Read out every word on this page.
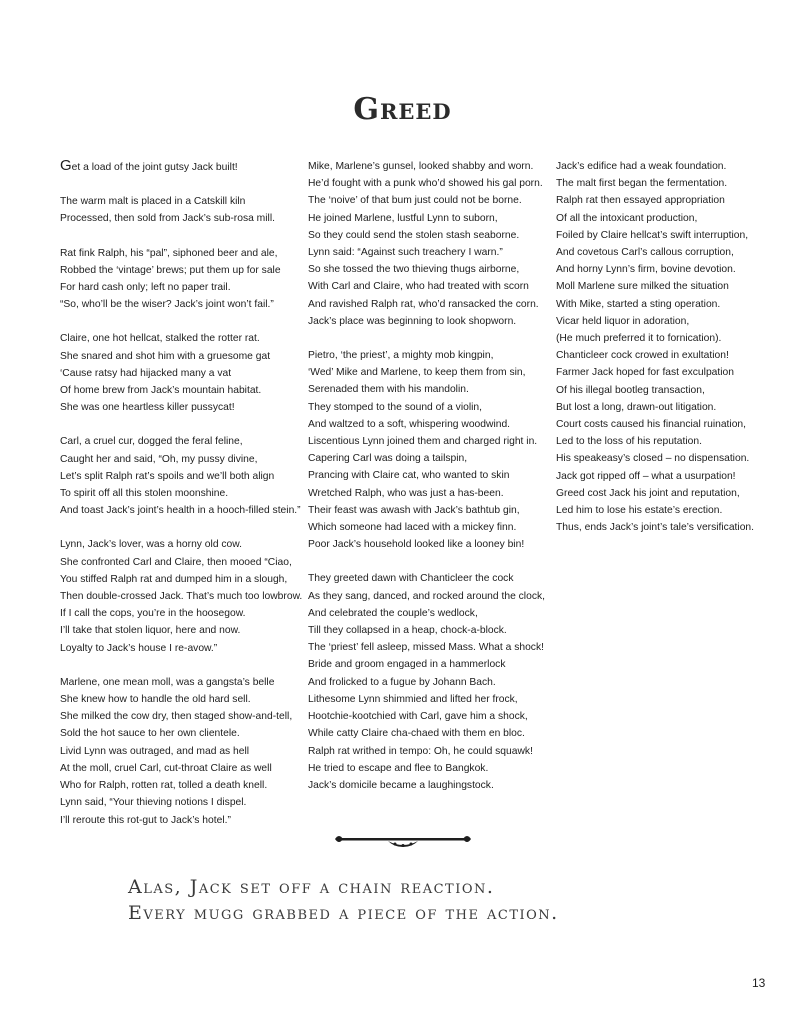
Greed
Get a load of the joint gutsy Jack built!
The warm malt is placed in a Catskill kiln
Processed, then sold from Jack’s sub-rosa mill.
Rat fink Ralph, his “pal”, siphoned beer and ale,
Robbed the ‘vintage’ brews; put them up for sale
For hard cash only; left no paper trail.
“So, who’ll be the wiser? Jack’s joint won’t fail.”
Claire, one hot hellcat, stalked the rotter rat.
She snared and shot him with a gruesome gat
‘Cause ratsy had hijacked many a vat
Of home brew from Jack’s mountain habitat.
She was one heartless killer pussycat!
Carl, a cruel cur, dogged the feral feline,
Caught her and said, “Oh, my pussy divine,
Let’s split Ralph rat’s spoils and we’ll both align
To spirit off all this stolen moonshine.
And toast Jack’s joint’s health in a hooch-filled stein.”
Lynn, Jack’s lover, was a horny old cow.
She confronted Carl and Claire, then mooed “Ciao,
You stiffed Ralph rat and dumped him in a slough,
Then double-crossed Jack. That’s much too lowbrow.
If I call the cops, you’re in the hoosegow.
I’ll take that stolen liquor, here and now.
Loyalty to Jack’s house I re-avow.”
Marlene, one mean moll, was a gangsta’s belle
She knew how to handle the old hard sell.
She milked the cow dry, then staged show-and-tell,
Sold the hot sauce to her own clientele.
Livid Lynn was outraged, and mad as hell
At the moll, cruel Carl, cut-throat Claire as well
Who for Ralph, rotten rat, tolled a death knell.
Lynn said, “Your thieving notions I dispel.
I’ll reroute this rot-gut to Jack’s hotel.”
Mike, Marlene’s gunsel, looked shabby and worn.
He’d fought with a punk who’d showed his gal porn.
The ‘noive’ of that bum just could not be borne.
He joined Marlene, lustful Lynn to suborn,
So they could send the stolen stash seaborne.
Lynn said: “Against such treachery I warn.”
So she tossed the two thieving thugs airborne,
With Carl and Claire, who had treated with scorn
And ravished Ralph rat, who’d ransacked the corn.
Jack’s place was beginning to look shopworn.
Pietro, ‘the priest’, a mighty mob kingpin,
‘Wed’ Mike and Marlene, to keep them from sin,
Serenaded them with his mandolin.
They stomped to the sound of a violin,
And waltzed to a soft, whispering woodwind.
Liscentious Lynn joined them and charged right in.
Capering Carl was doing a tailspin,
Prancing with Claire cat, who wanted to skin
Wretched Ralph, who was just a has-been.
Their feast was awash with Jack’s bathtub gin,
Which someone had laced with a mickey finn.
Poor Jack’s household looked like a looney bin!
They greeted dawn with Chanticleer the cock
As they sang, danced, and rocked around the clock,
And celebrated the couple’s wedlock,
Till they collapsed in a heap, chock-a-block.
The ‘priest’ fell asleep, missed Mass. What a shock!
Bride and groom engaged in a hammerlock
And frolicked to a fugue by Johann Bach.
Lithesome Lynn shimmied and lifted her frock,
Hootchie-kootchied with Carl, gave him a shock,
While catty Claire cha-chaed with them en bloc.
Ralph rat writhed in tempo: Oh, he could squawk!
He tried to escape and flee to Bangkok.
Jack’s domicile became a laughingstock.
Jack’s edifice had a weak foundation.
The malt first began the fermentation.
Ralph rat then essayed appropriation
Of all the intoxicant production,
Foiled by Claire hellcat’s swift interruption,
And covetous Carl’s callous corruption,
And horny Lynn’s firm, bovine devotion.
Moll Marlene sure milked the situation
With Mike, started a sting operation.
Vicar held liquor in adoration,
(He much preferred it to fornication).
Chanticleer cock crowed in exultation!
Farmer Jack hoped for fast exculpation
Of his illegal bootleg transaction,
But lost a long, drawn-out litigation.
Court costs caused his financial ruination,
Led to the loss of his reputation.
His speakeasy’s closed – no dispensation.
Jack got ripped off – what a usurpation!
Greed cost Jack his joint and reputation,
Led him to lose his estate’s erection.
Thus, ends Jack’s joint’s tale’s versification.
Alas, Jack set off a chain reaction.
Every mugg grabbed a piece of the action.
13
